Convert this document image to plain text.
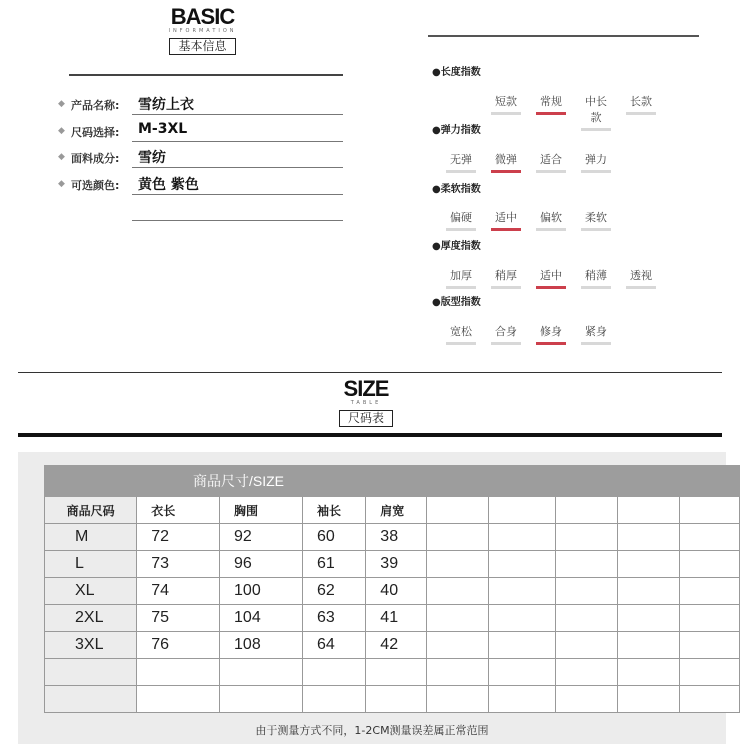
BASIC
INFORMATION
基本信息
◆ 产品名称: 雪纺上衣
◆ 尺码选择: M-3XL
◆ 面料成分: 雪纺
◆ 可选颜色: 黄色 紫色
●长度指数
短款	常规	中长款
长款
●弹力指数
无弹	微弹	适合	弹力
●柔软指数
偏硬	适中	偏软	柔软
●厚度指数
加厚	稍厚	适中	稍薄	透视
●版型指数
宽松	合身	修身	紧身
SIZE
TABLE
尺码表
商品尺寸/SIZE									
商品尺码	衣长	胸围	袖长	肩宽					
M	72	92	60	38					
L	73	96	61	39					
XL	74	100	62	40					
2XL	75	104	63	41					
3XL	76	108	64	42					

由于测量方式不同，1-2CM测量误差属正常范围
